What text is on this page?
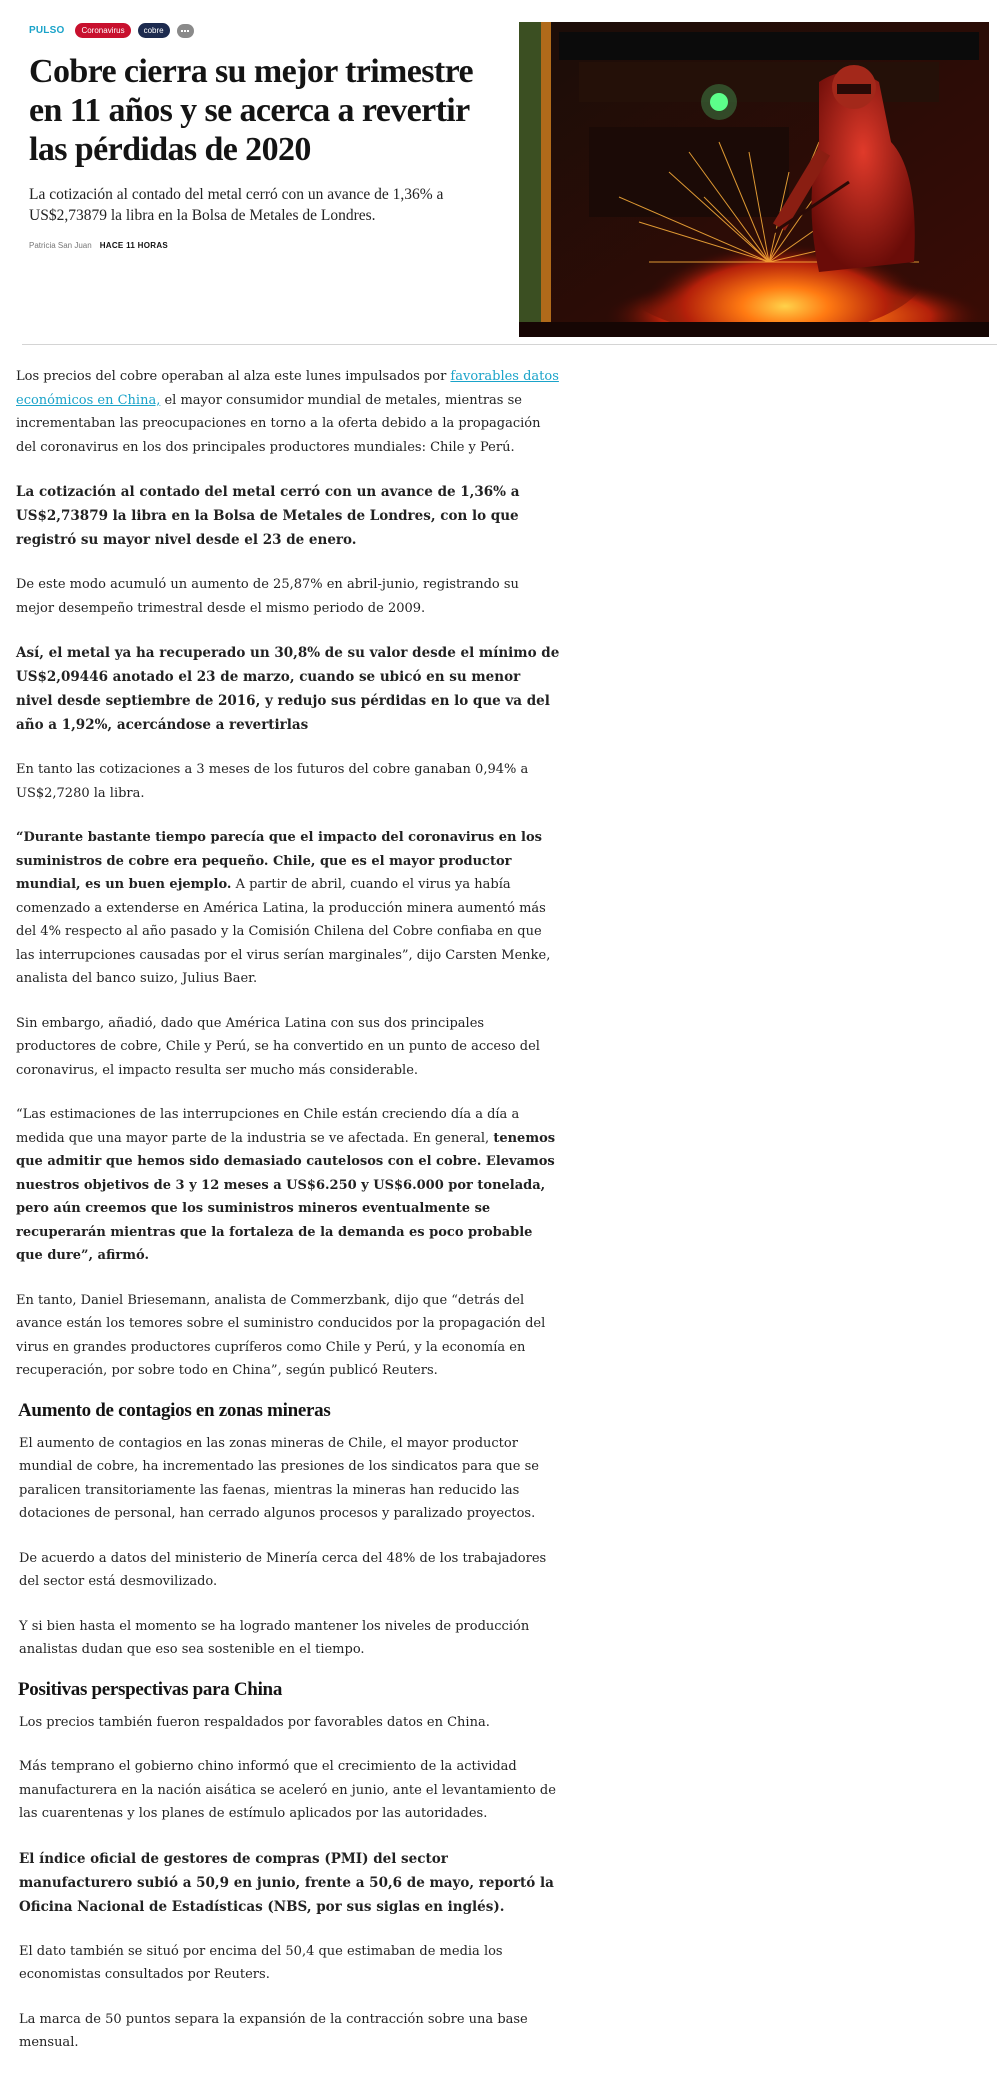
PULSO	Coronavirus	cobre
Cobre cierra su mejor trimestre en 11 años y se acerca a revertir las pérdidas de 2020

La cotización al contado del metal cerró con un avance de 1,36% a US$2,73879 la libra en la Bolsa de Metales de Londres.

Patricia San Juan HACE 11 HORAS

Los precios del cobre operaban al alza este lunes impulsados por favorables datos económicos en China, el mayor consumidor mundial de metales, mientras se incrementaban las preocupaciones en torno a la oferta debido a la propagación del coronavirus en los dos principales productores mundiales: Chile y Perú.

La cotización al contado del metal cerró con un avance de 1,36% a US$2,73879 la libra en la Bolsa de Metales de Londres, con lo que registró su mayor nivel desde el 23 de enero.

De este modo acumuló un aumento de 25,87% en abril-junio, registrando su mejor desempeño trimestral desde el mismo periodo de 2009.

Así, el metal ya ha recuperado un 30,8% de su valor desde el mínimo de US$2,09446 anotado el 23 de marzo, cuando se ubicó en su menor nivel desde septiembre de 2016, y redujo sus pérdidas en lo que va del año a 1,92%, acercándose a revertirlas

En tanto las cotizaciones a 3 meses de los futuros del cobre ganaban 0,94% a US$2,7280 la libra.

“Durante bastante tiempo parecía que el impacto del coronavirus en los suministros de cobre era pequeño. Chile, que es el mayor productor mundial, es un buen ejemplo. A partir de abril, cuando el virus ya había comenzado a extenderse en América Latina, la producción minera aumentó más del 4% respecto al año pasado y la Comisión Chilena del Cobre confiaba en que las interrupciones causadas por el virus serían marginales”, dijo Carsten Menke, analista del banco suizo, Julius Baer.

Sin embargo, añadió, dado que América Latina con sus dos principales productores de cobre, Chile y Perú, se ha convertido en un punto de acceso del coronavirus, el impacto resulta ser mucho más considerable.

“Las estimaciones de las interrupciones en Chile están creciendo día a día a medida que una mayor parte de la industria se ve afectada. En general, tenemos que admitir que hemos sido demasiado cautelosos con el cobre. Elevamos nuestros objetivos de 3 y 12 meses a US$6.250 y US$6.000 por tonelada, pero aún creemos que los suministros mineros eventualmente se recuperarán mientras que la fortaleza de la demanda es poco probable que dure”, afirmó.

En tanto, Daniel Briesemann, analista de Commerzbank, dijo que “detrás del avance están los temores sobre el suministro conducidos por la propagación del virus en grandes productores cupríferos como Chile y Perú, y la economía en recuperación, por sobre todo en China”, según publicó Reuters.

Aumento de contagios en zonas mineras

El aumento de contagios en las zonas mineras de Chile, el mayor productor mundial de cobre, ha incrementado las presiones de los sindicatos para que se paralicen transitoriamente las faenas, mientras la mineras han reducido las dotaciones de personal, han cerrado algunos procesos y paralizado proyectos.

De acuerdo a datos del ministerio de Minería cerca del 48% de los trabajadores del sector está desmovilizado.

Y si bien hasta el momento se ha logrado mantener los niveles de producción analistas dudan que eso sea sostenible en el tiempo.

Positivas perspectivas para China

Los precios también fueron respaldados por favorables datos en China.

Más temprano el gobierno chino informó que el crecimiento de la actividad manufacturera en la nación aisática se aceleró en junio, ante el levantamiento de las cuarentenas y los planes de estímulo aplicados por las autoridades.

El índice oficial de gestores de compras (PMI) del sector manufacturero subió a 50,9 en junio, frente a 50,6 de mayo, reportó la Oficina Nacional de Estadísticas (NBS, por sus siglas en inglés).

El dato también se situó por encima del 50,4 que estimaban de media los economistas consultados por Reuters.

La marca de 50 puntos separa la expansión de la contracción sobre una base mensual.
